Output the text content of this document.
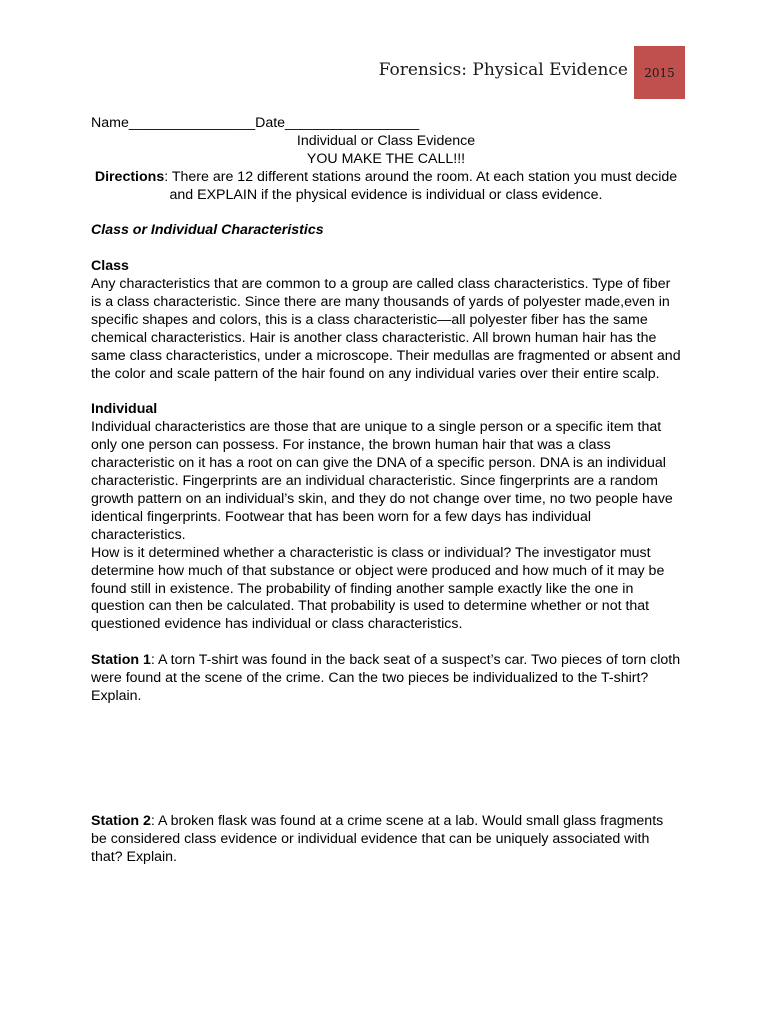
Forensics: Physical Evidence 2015

Name________________Date_________________

Individual or Class Evidence

YOU MAKE THE CALL!!!

Directions: There are 12 different stations around the room. At each station you must decide and EXPLAIN if the physical evidence is individual or class evidence.

Class or Individual Characteristics

Class

Any characteristics that are common to a group are called class characteristics. Type of fiber is a class characteristic. Since there are many thousands of yards of polyester made,even in specific shapes and colors, this is a class characteristic—all polyester fiber has the same chemical characteristics. Hair is another class characteristic. All brown human hair has the same class characteristics, under a microscope. Their medullas are fragmented or absent and the color and scale pattern of the hair found on any individual varies over their entire scalp.

Individual

Individual characteristics are those that are unique to a single person or a specific item that only one person can possess. For instance, the brown human hair that was a class characteristic on it has a root on can give the DNA of a specific person. DNA is an individual characteristic. Fingerprints are an individual characteristic. Since fingerprints are a random growth pattern on an individual’s skin, and they do not change over time, no two people have identical fingerprints. Footwear that has been worn for a few days has individual characteristics.

How is it determined whether a characteristic is class or individual? The investigator must determine how much of that substance or object were produced and how much of it may be found still in existence. The probability of finding another sample exactly like the one in question can then be calculated. That probability is used to determine whether or not that questioned evidence has individual or class characteristics.

Station 1: A torn T-shirt was found in the back seat of a suspect’s car. Two pieces of torn cloth were found at the scene of the crime. Can the two pieces be individualized to the T-shirt? Explain.

Station 2: A broken flask was found at a crime scene at a lab. Would small glass fragments be considered class evidence or individual evidence that can be uniquely associated with that? Explain.
